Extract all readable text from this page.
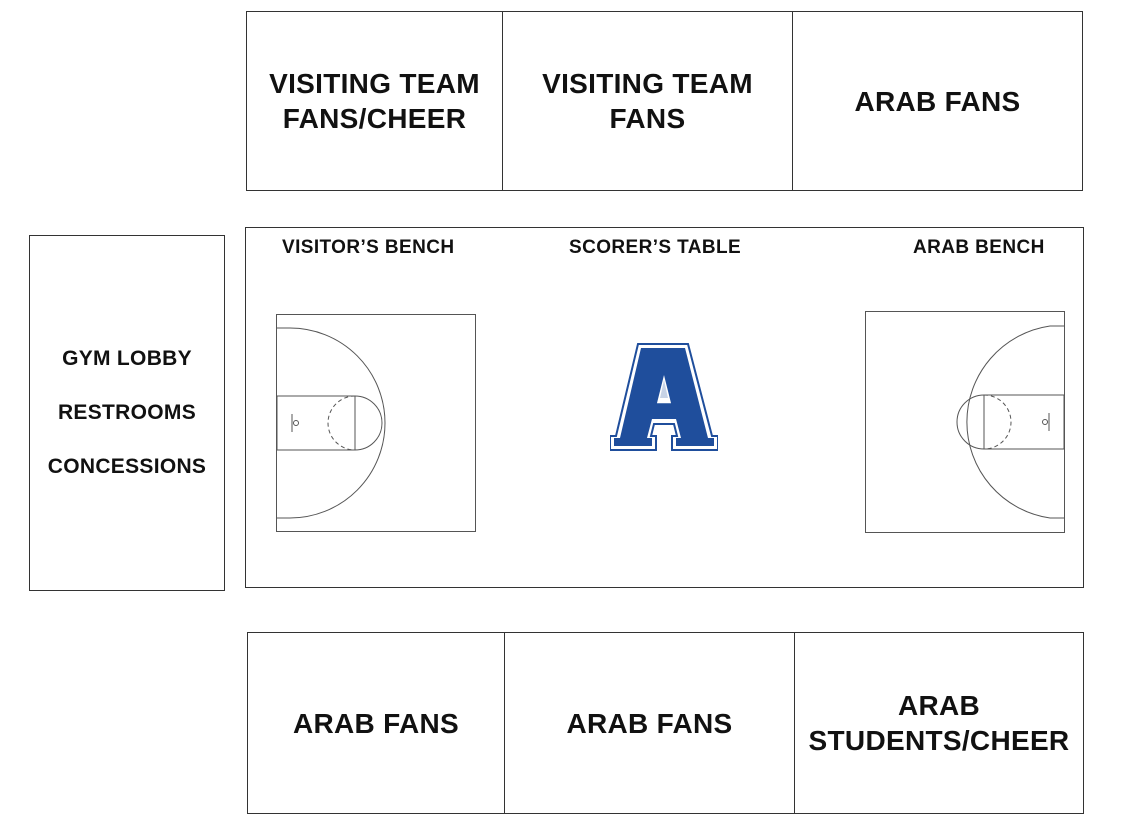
VISITING TEAM
FANS/CHEER
VISITING TEAM
FANS
ARAB FANS
GYM LOBBY
RESTROOMS
CONCESSIONS
VISITOR’S BENCH	SCORER’S TABLE	ARAB BENCH
ARAB FANS	ARAB FANS
ARAB
STUDENTS/CHEER
